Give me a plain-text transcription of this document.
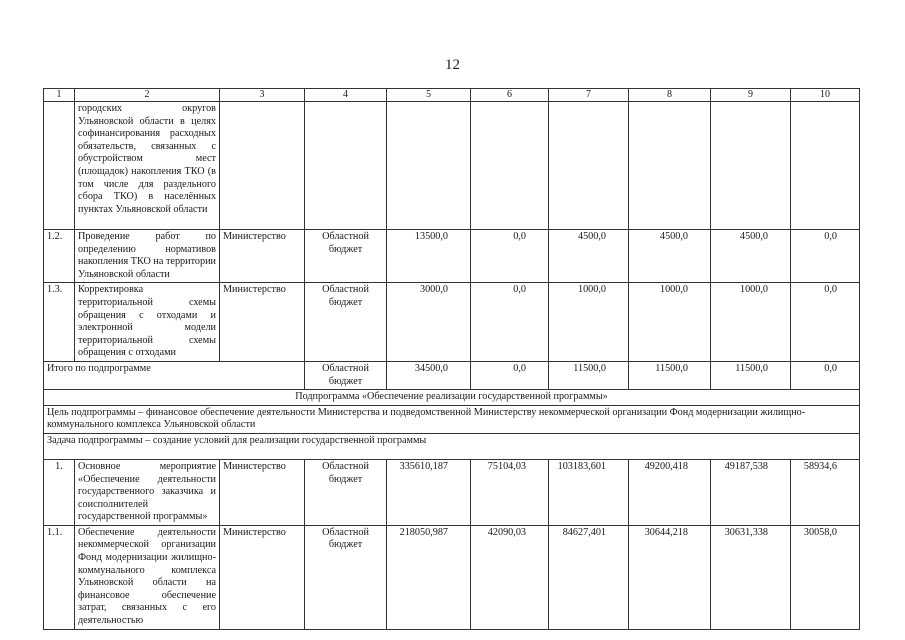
12
1	2	3	4	5	6	7	8	9	10
	городских округов Ульяновской области в целях софинансирования расходных обязательств, связанных с обустройством мест (площадок) накопления ТКО (в том числе для раздельного сбора ТКО) в населённых пунктах Ульяновской области								
1.2.	Проведение работ по определению нормативов накопления ТКО на территории Ульяновской области	Министерство	Областной бюджет	13500,0	0,0	4500,0	4500,0	4500,0	0,0
1.3.	Корректировка территориальной схемы обращения с отходами и электронной модели территориальной схемы обращения с отходами	Министерство	Областной бюджет	3000,0	0,0	1000,0	1000,0	1000,0	0,0
Итого по подпрограмме			Областной бюджет	34500,0	0,0	11500,0	11500,0	11500,0	0,0
Подпрограмма «Обеспечение реализации государственной программы»									
Цель подпрограммы – финансовое обеспечение деятельности Министерства и подведомственной Министерству некоммерческой организации Фонд модернизации жилищно-коммунального комплекса Ульяновской области									
Задача подпрограммы – создание условий для реализации государственной программы									
1.	Основное мероприятие «Обеспечение деятельности государственного заказчика и соисполнителей государственной программы»	Министерство	Областной бюджет	335610,187	75104,03	103183,601	49200,418	49187,538	58934,6
1.1.	Обеспечение деятельности некоммерческой организации Фонд модернизации жилищно-коммунального комплекса Ульяновской области на финансовое обеспечение затрат, связанных с его деятельностью	Министерство	Областной бюджет	218050,987	42090,03	84627,401	30644,218	30631,338	30058,0
